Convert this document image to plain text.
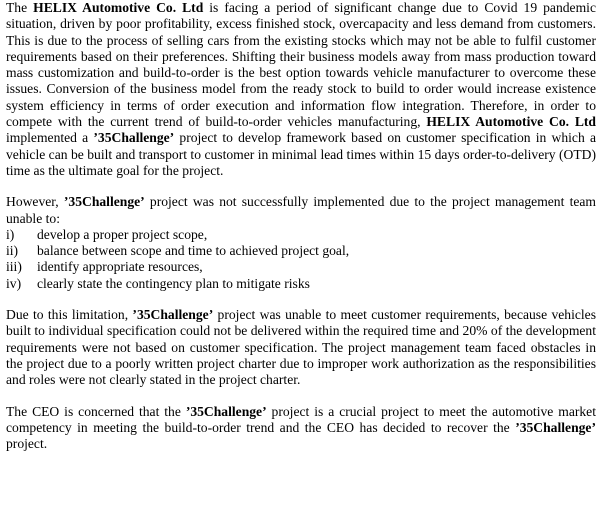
The HELIX Automotive Co. Ltd is facing a period of significant change due to Covid 19 pandemic situation, driven by poor profitability, excess finished stock, overcapacity and less demand from customers. This is due to the process of selling cars from the existing stocks which may not be able to fulfil customer requirements based on their preferences. Shifting their business models away from mass production toward mass customization and build-to-order is the best option towards vehicle manufacturer to overcome these issues. Conversion of the business model from the ready stock to build to order would increase existence system efficiency in terms of order execution and information flow integration. Therefore, in order to compete with the current trend of build-to-order vehicles manufacturing, HELIX Automotive Co. Ltd implemented a ’35Challenge’ project to develop framework based on customer specification in which a vehicle can be built and transport to customer in minimal lead times within 15 days order-to-delivery (OTD) time as the ultimate goal for the project.

However, ’35Challenge’ project was not successfully implemented due to the project management team unable to:

i)	develop a proper project scope,
ii)	balance between scope and time to achieved project goal,
iii)	identify appropriate resources,
iv)	clearly state the contingency plan to mitigate risks

Due to this limitation, ’35Challenge’ project was unable to meet customer requirements, because vehicles built to individual specification could not be delivered within the required time and 20% of the development requirements were not based on customer specification. The project management team faced obstacles in the project due to a poorly written project charter due to improper work authorization as the responsibilities and roles were not clearly stated in the project charter.

The CEO is concerned that the ’35Challenge’ project is a crucial project to meet the automotive market competency in meeting the build-to-order trend and the CEO has decided to recover the ’35Challenge’ project.
